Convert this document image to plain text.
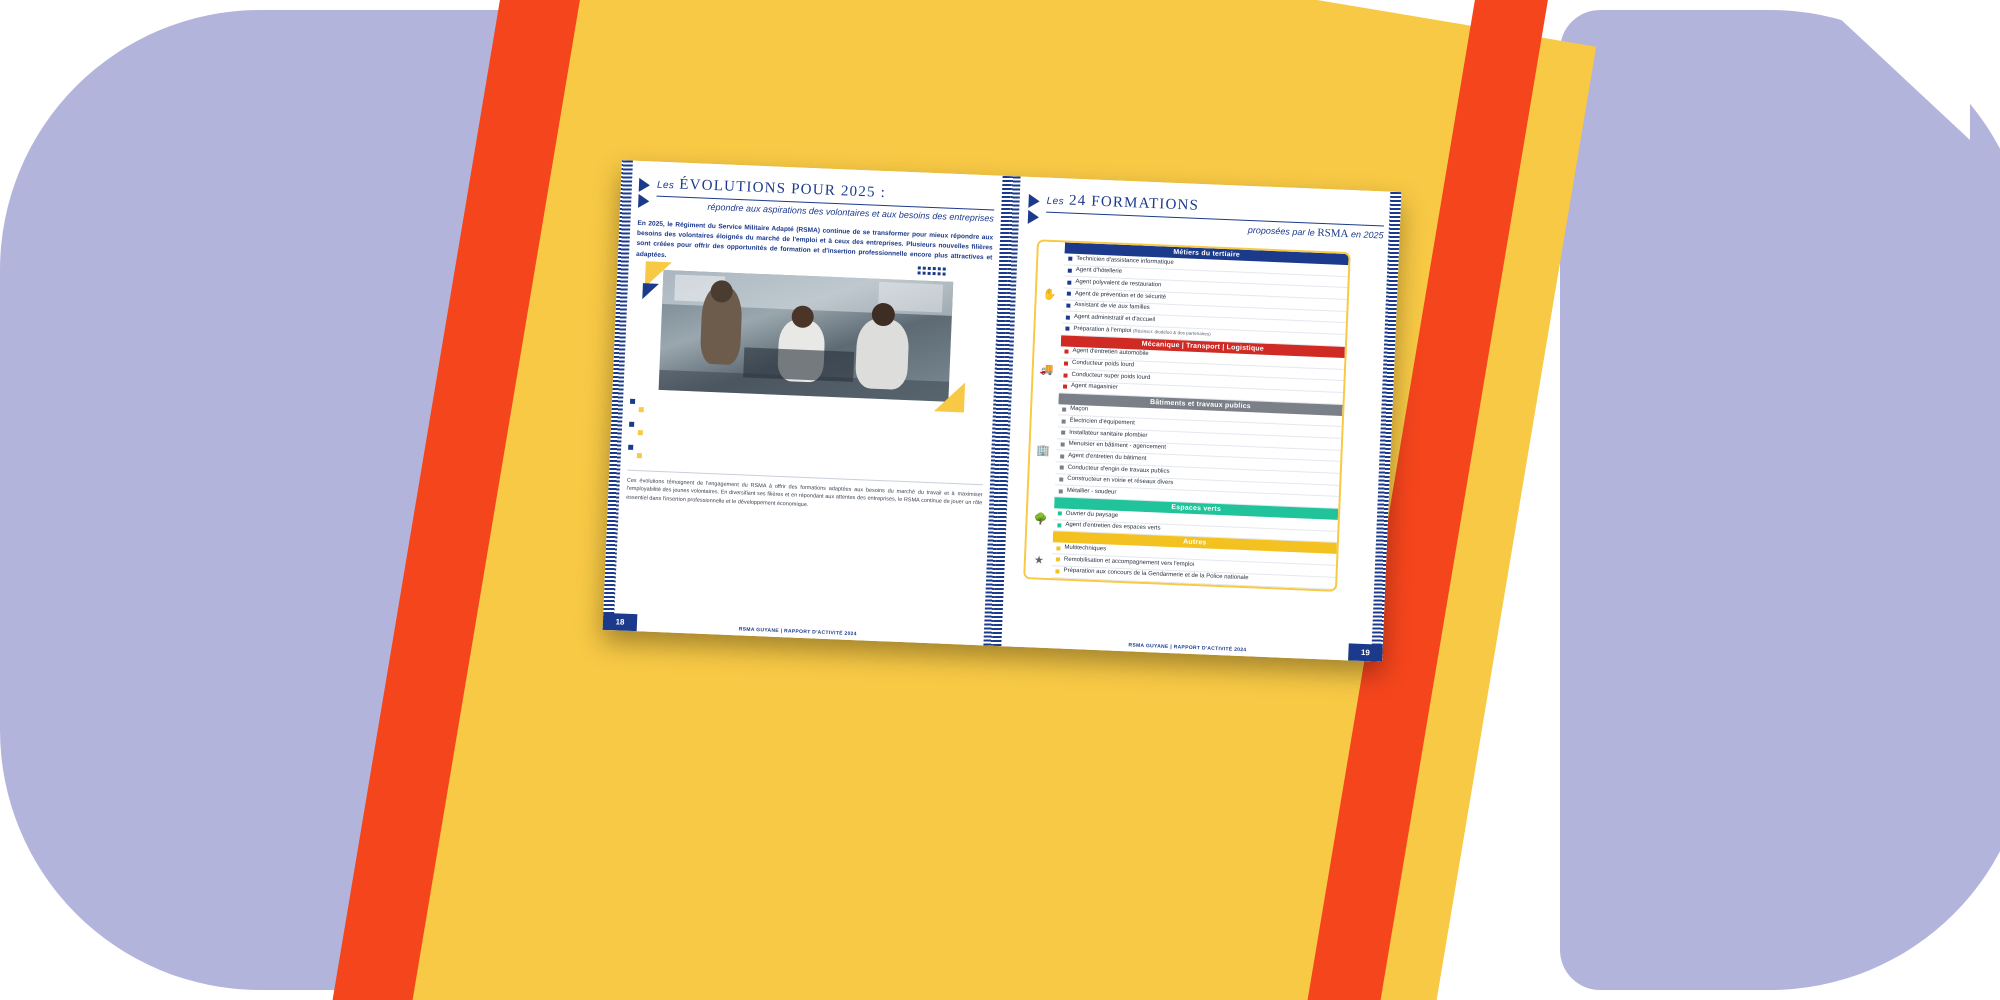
Les ÉVOLUTIONS POUR 2025 :
répondre aux aspirations des volontaires et aux besoins des entreprises
En 2025, le Régiment du Service Militaire Adapté (RSMA) continue de se transformer pour mieux répondre aux besoins des volontaires éloignés du marché de l'emploi et à ceux des entreprises. Plusieurs nouvelles filières sont créées pour offrir des opportunités de formation et d'insertion professionnelle encore plus attractives et adaptées.
Ces évolutions témoignent de l'engagement du RSMA à offrir des formations adaptées aux besoins du marché du travail et à maximiser l'employabilité des jeunes volontaires. En diversifiant ses filières et en répondant aux attentes des entreprises, le RSMA continue de jouer un rôle essentiel dans l'insertion professionnelle et le développement économique.
18
RSMA GUYANE | RAPPORT D'ACTIVITÉ 2024
Les 24 FORMATIONS
proposées par le RSMA en 2025
✋
🚚
🏢
🌳
★
Métiers du tertiaire
Technicien d'assistance informatique
Agent d'hôtellerie
Agent polyvalent de restauration
Agent de prévention et de sécurité
Assistant de vie aux familles
Agent administratif et d'accueil
Préparation à l'emploi (Résinscr. diodéloo & dos partenaires)
Mécanique | Transport | Logistique
Agent d'entretien automobile
Conducteur poids lourd
Conducteur super poids lourd
Agent magasinier
Bâtiments et travaux publics
Maçon
Électricien d'équipement
Installateur sanitaire plombier
Menuisier en bâtiment - agencement
Agent d'entretien du bâtiment
Conducteur d'engin de travaux publics
Constructeur en voirie et réseaux divers
Métallier - soudeur
Espaces verts
Ouvrier du paysage
Agent d'entretien des espaces verts
Autres
Multitechniques
Remobilisation et accompagnement vers l'emploi
Préparation aux concours de la Gendarmerie et de la Police nationale
19
RSMA GUYANE | RAPPORT D'ACTIVITÉ 2024
